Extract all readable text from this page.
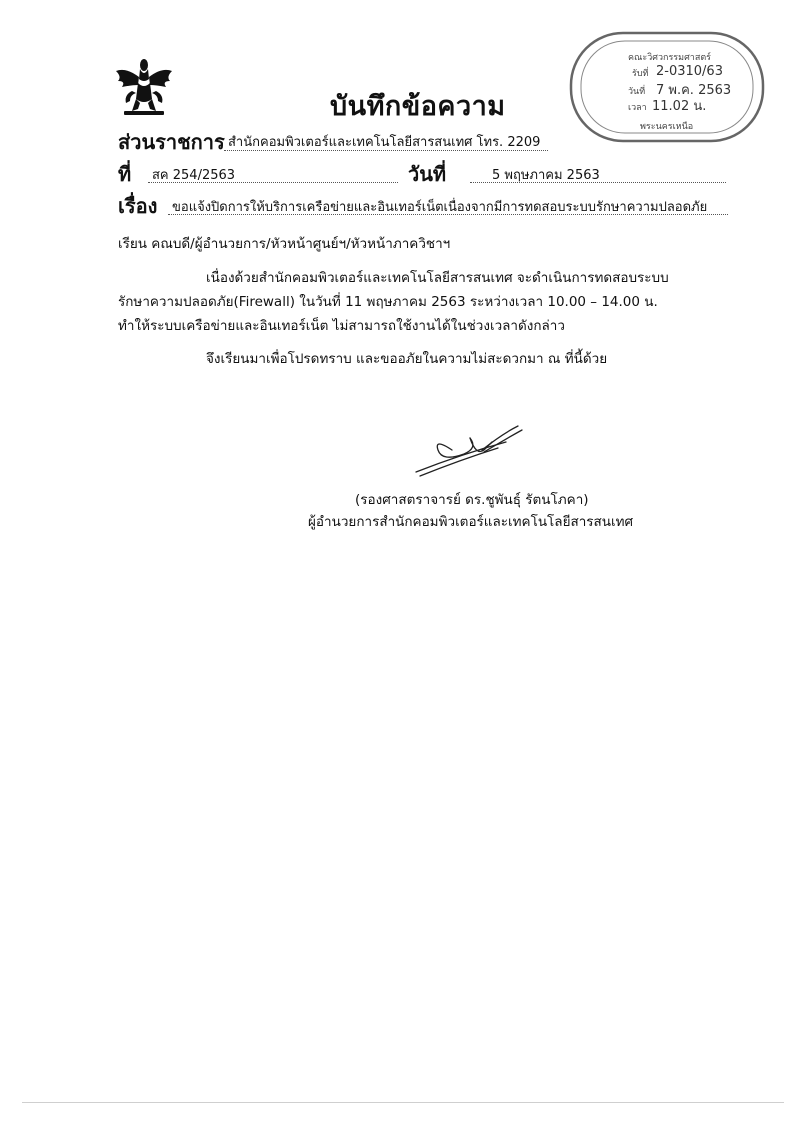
บันทึกข้อความ
คณะวิศวกรรมศาสตร์
รับที่ 2-0310/63
วันที่ 7 พ.ค. 2563
เวลา 11.02 น.
พระนครเหนือ
ส่วนราชการ สำนักคอมพิวเตอร์และเทคโนโลยีสารสนเทศ โทร. 2209
ที่ สค 254/2563	วันที่	5 พฤษภาคม 2563
เรื่อง ขอแจ้งปิดการให้บริการเครือข่ายและอินเทอร์เน็ตเนื่องจากมีการทดสอบระบบรักษาความปลอดภัย
เรียน คณบดี/ผู้อำนวยการ/หัวหน้าศูนย์ฯ/หัวหน้าภาควิชาฯ
เนื่องด้วยสำนักคอมพิวเตอร์และเทคโนโลยีสารสนเทศ จะดำเนินการทดสอบระบบ
รักษาความปลอดภัย(Firewall) ในวันที่ 11 พฤษภาคม 2563 ระหว่างเวลา 10.00 – 14.00 น.
ทำให้ระบบเครือข่ายและอินเทอร์เน็ต ไม่สามารถใช้งานได้ในช่วงเวลาดังกล่าว
จึงเรียนมาเพื่อโปรดทราบ และขออภัยในความไม่สะดวกมา ณ ที่นี้ด้วย
(รองศาสตราจารย์ ดร.ชูพันธุ์ รัตนโภคา)
ผู้อำนวยการสำนักคอมพิวเตอร์และเทคโนโลยีสารสนเทศ
